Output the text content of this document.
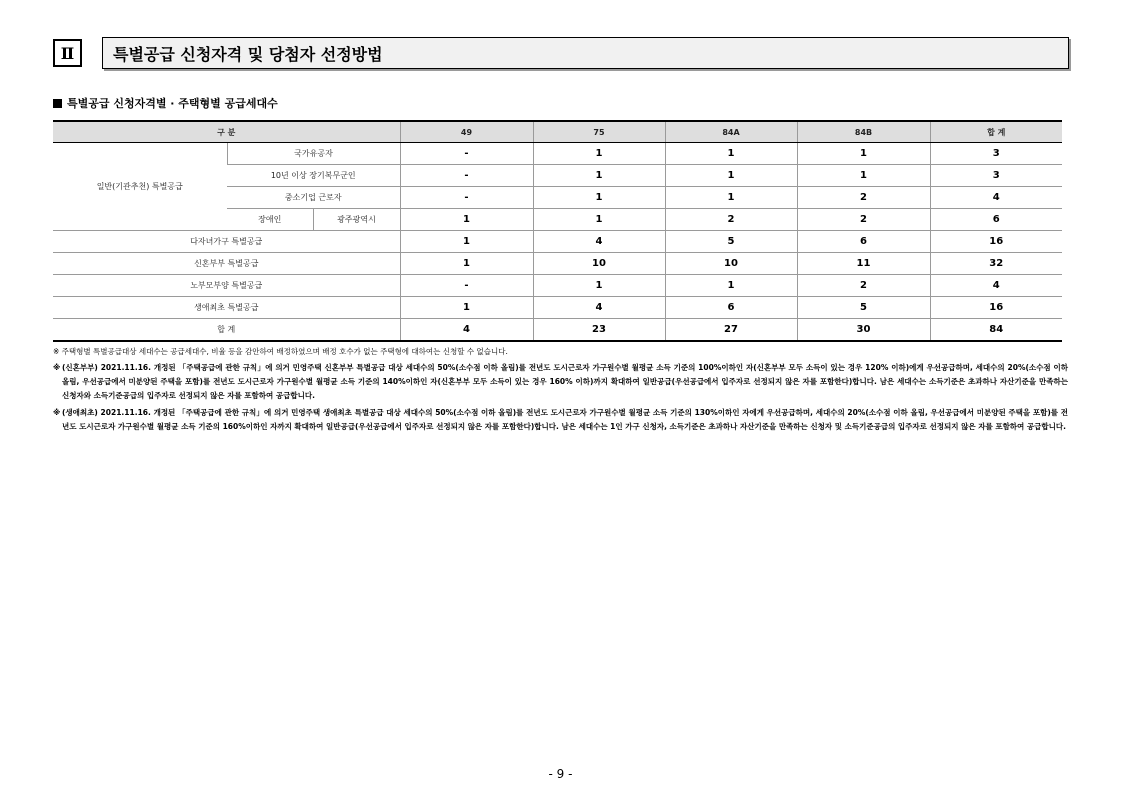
Ⅱ	특별공급 신청자격 및 당첨자 선정방법
특별공급 신청자격별 · 주택형별 공급세대수
구 분			49	75	84A	84B	합 계
일반(기관추천) 특별공급	국가유공자		-	1	1	1	3
	10년 이상 장기복무군인		-	1	1	1	3
	중소기업 근로자		-	1	1	2	4
	장애인	광주광역시	1	1	2	2	6
다자녀가구 특별공급			1	4	5	6	16
신혼부부 특별공급			1	10	10	11	32
노부모부양 특별공급			-	1	1	2	4
생애최초 특별공급			1	4	6	5	16
합 계			4	23	27	30	84
※ 주택형별 특별공급대상 세대수는 공급세대수, 비율 등을 감안하여 배정하였으며 배정 호수가 없는 주택형에 대하여는 신청할 수 없습니다.
※ (신혼부부) 2021.11.16. 개정된 「주택공급에 관한 규칙」에 의거 민영주택 신혼부부 특별공급 대상 세대수의 50%(소수점 이하 올림)를 전년도 도시근로자 가구원수별 월평균 소득 기준의 100%이하인 자(신혼부부 모두 소득이 있는 경우 120% 이하)에게 우선공급하며, 세대수의 20%(소수점 이하 올림, 우선공급에서 미분양된 주택을 포함)를 전년도 도시근로자 가구원수별 월평균 소득 기준의 140%이하인 자(신혼부부 모두 소득이 있는 경우 160% 이하)까지 확대하여 일반공급(우선공급에서 입주자로 선정되지 않은 자를 포함한다)합니다. 남은 세대수는 소득기준은 초과하나 자산기준을 만족하는 신청자와 소득기준공급의 입주자로 선정되지 않은 자를 포함하여 공급합니다.
※ (생애최초) 2021.11.16. 개정된 「주택공급에 관한 규칙」에 의거 민영주택 생애최초 특별공급 대상 세대수의 50%(소수점 이하 올림)를 전년도 도시근로자 가구원수별 월평균 소득 기준의 130%이하인 자에게 우선공급하며, 세대수의 20%(소수점 이하 올림, 우선공급에서 미분양된 주택을 포함)를 전년도 도시근로자 가구원수별 월평균 소득 기준의 160%이하인 자까지 확대하여 일반공급(우선공급에서 입주자로 선정되지 않은 자를 포함한다)합니다. 남은 세대수는 1인 가구 신청자, 소득기준은 초과하나 자산기준을 만족하는 신청자 및 소득기준공급의 입주자로 선정되지 않은 자를 포함하여 공급합니다.
- 9 -
